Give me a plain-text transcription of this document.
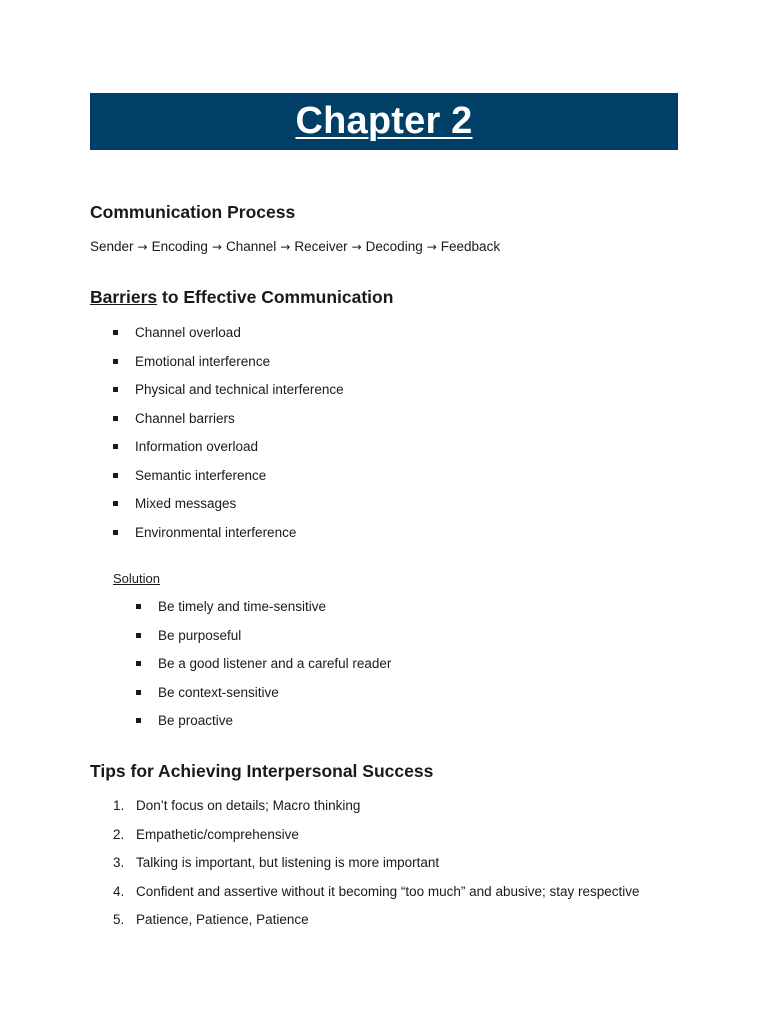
Chapter 2
Communication Process
Sender → Encoding → Channel → Receiver → Decoding → Feedback
Barriers to Effective Communication
Channel overload
Emotional interference
Physical and technical interference
Channel barriers
Information overload
Semantic interference
Mixed messages
Environmental interference
Solution
Be timely and time-sensitive
Be purposeful
Be a good listener and a careful reader
Be context-sensitive
Be proactive
Tips for Achieving Interpersonal Success
1. Don’t focus on details; Macro thinking
2. Empathetic/comprehensive
3. Talking is important, but listening is more important
4. Confident and assertive without it becoming “too much” and abusive; stay respective
5. Patience, Patience, Patience
